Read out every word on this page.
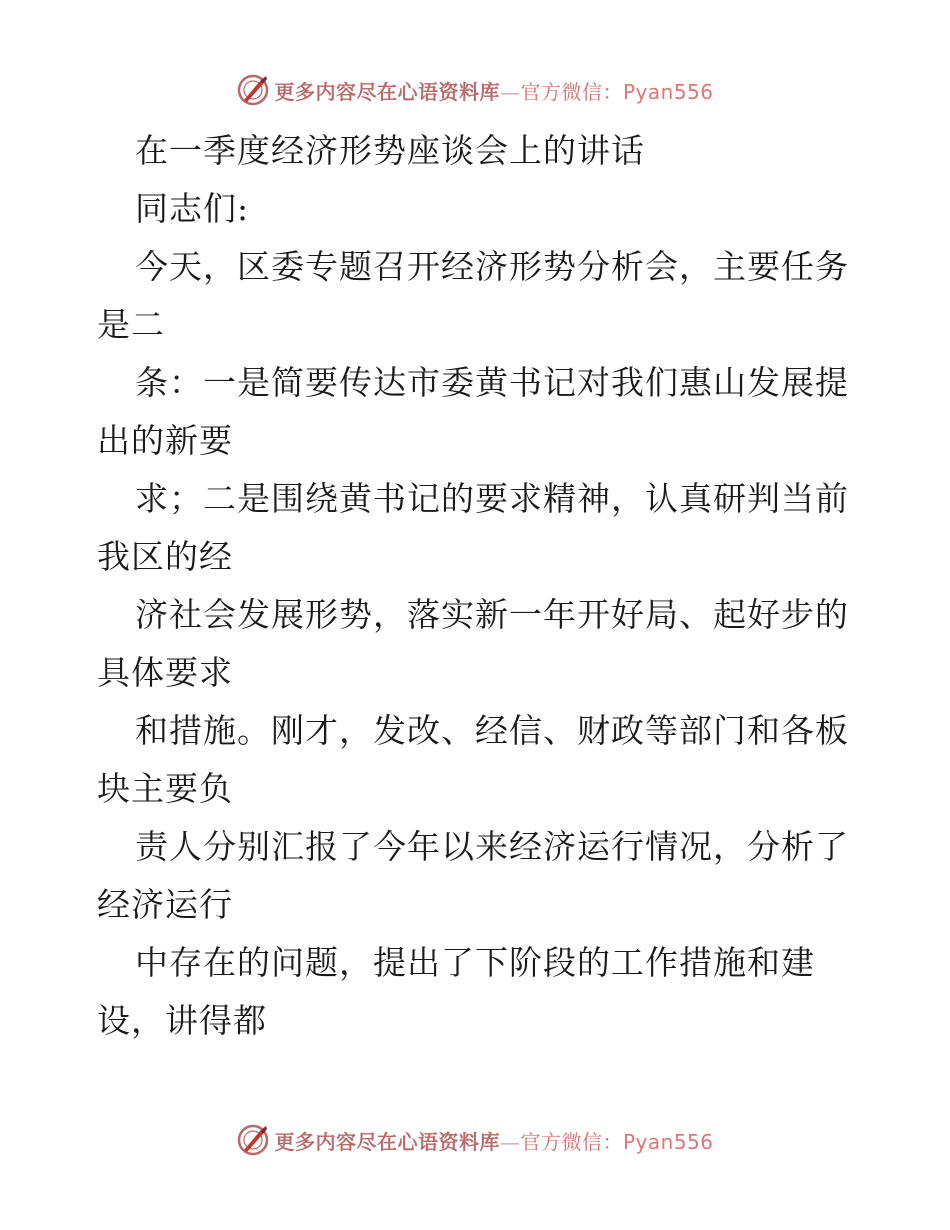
更多内容尽在心语资料库—官方微信：Pyan556
在一季度经济形势座谈会上的讲话
同志们:
今天，区委专题召开经济形势分析会，主要任务
是二
条：一是简要传达市委黄书记对我们惠山发展提
出的新要
求；二是围绕黄书记的要求精神，认真研判当前
我区的经
济社会发展形势，落实新一年开好局、起好步的
具体要求
和措施。刚才，发改、经信、财政等部门和各板
块主要负
责人分别汇报了今年以来经济运行情况，分析了
经济运行
中存在的问题，提出了下阶段的工作措施和建
设，讲得都
更多内容尽在心语资料库—官方微信：Pyan556
